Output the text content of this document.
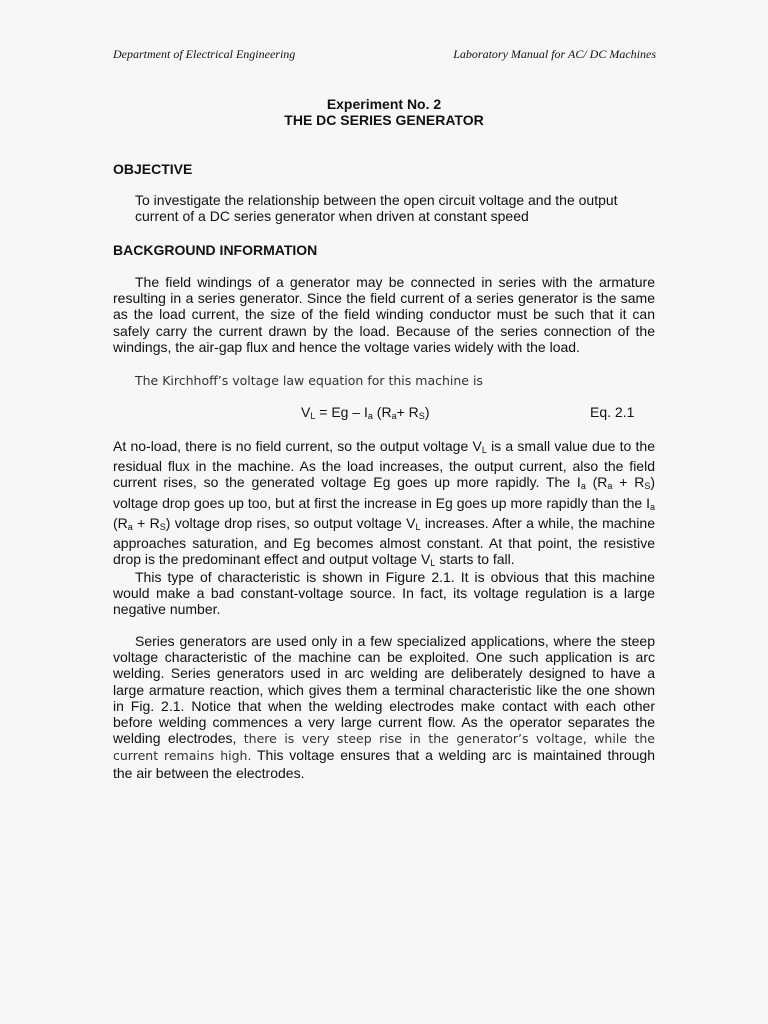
Department of Electrical Engineering	Laboratory Manual for AC/ DC Machines
Experiment No. 2
THE DC SERIES GENERATOR
OBJECTIVE
To investigate the relationship between the open circuit voltage and the output current of a DC series generator when driven at constant speed
BACKGROUND INFORMATION
The field windings of a generator may be connected in series with the armature resulting in a series generator. Since the field current of a series generator is the same as the load current, the size of the field winding conductor must be such that it can safely carry the current drawn by the load. Because of the series connection of the windings, the air-gap flux and hence the voltage varies widely with the load.
The Kirchhoff’s voltage law equation for this machine is
$V_L = Eg - I_a$ $(R_a+ R_S)$	Eq. 2.1
At no-load, there is no field current, so the output voltage $V_L$ is a small value due to the residual flux in the machine. As the load increases, the output current, also the field current rises, so the generated voltage Eg goes up more rapidly. The $I_a$ $(R_a + R_S)$ voltage drop goes up too, but at first the increase in Eg goes up more rapidly than the $I_a$ $(R_a + R_S)$ voltage drop rises, so output voltage $V_L$ increases. After a while, the machine approaches saturation, and Eg becomes almost constant. At that point, the resistive drop is the predominant effect and output voltage $V_L$ starts to fall.
This type of characteristic is shown in Figure 2.1. It is obvious that this machine would make a bad constant-voltage source. In fact, its voltage regulation is a large negative number.
Series generators are used only in a few specialized applications, where the steep voltage characteristic of the machine can be exploited. One such application is arc welding. Series generators used in arc welding are deliberately designed to have a large armature reaction, which gives them a terminal characteristic like the one shown in Fig. 2.1. Notice that when the welding electrodes make contact with each other before welding commences a very large current flow. As the operator separates the welding electrodes, there is very steep rise in the generator’s voltage, while the current remains high. This voltage ensures that a welding arc is maintained through the air between the electrodes.
